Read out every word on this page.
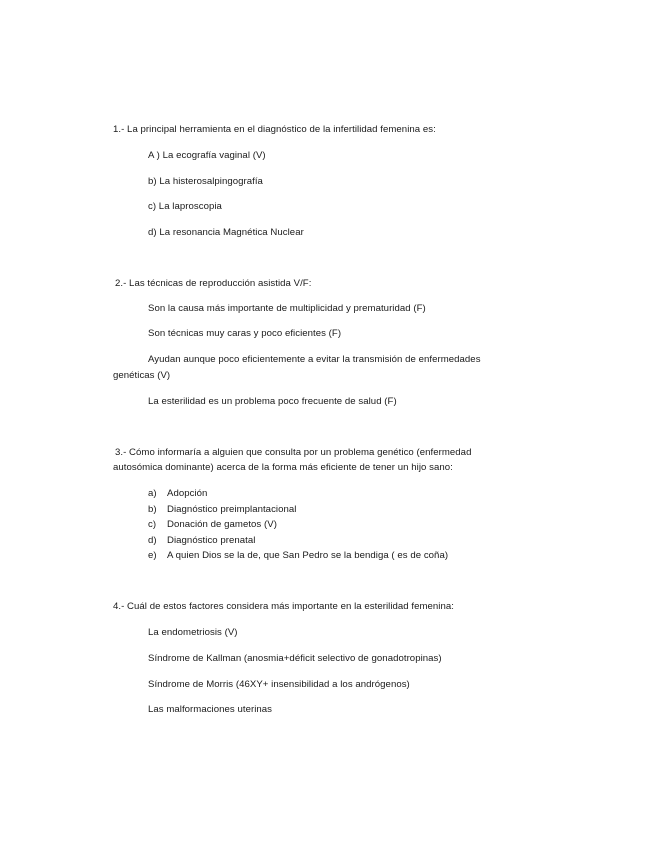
1.- La principal herramienta en el diagnóstico de la infertilidad femenina es:

A ) La ecografía vaginal (V)

b) La histerosalpingografía

c) La laproscopia

d) La resonancia Magnética Nuclear

2.- Las técnicas de reproducción asistida V/F:

Son la causa más importante de multiplicidad y prematuridad (F)

Son técnicas muy caras y poco eficientes (F)

Ayudan aunque poco eficientemente a evitar la transmisión de enfermedades

genéticas (V)

La esterilidad es un problema poco frecuente de salud (F)

3.- Cómo informaría a alguien que consulta por un problema genético (enfermedad

autosómica dominante) acerca de la forma más eficiente de tener un hijo sano:

a)	Adopción
b)	Diagnóstico preimplantacional
c)	Donación de gametos (V)
d)	Diagnóstico prenatal
e)	A quien Dios se la de, que San Pedro se la bendiga ( es de coña)

4.- Cuál de estos factores considera más importante en la esterilidad femenina:

La endometriosis (V)

Síndrome de Kallman (anosmia+déficit selectivo de gonadotropinas)

Síndrome de Morris (46XY+ insensibilidad a los andrógenos)

Las malformaciones uterinas
